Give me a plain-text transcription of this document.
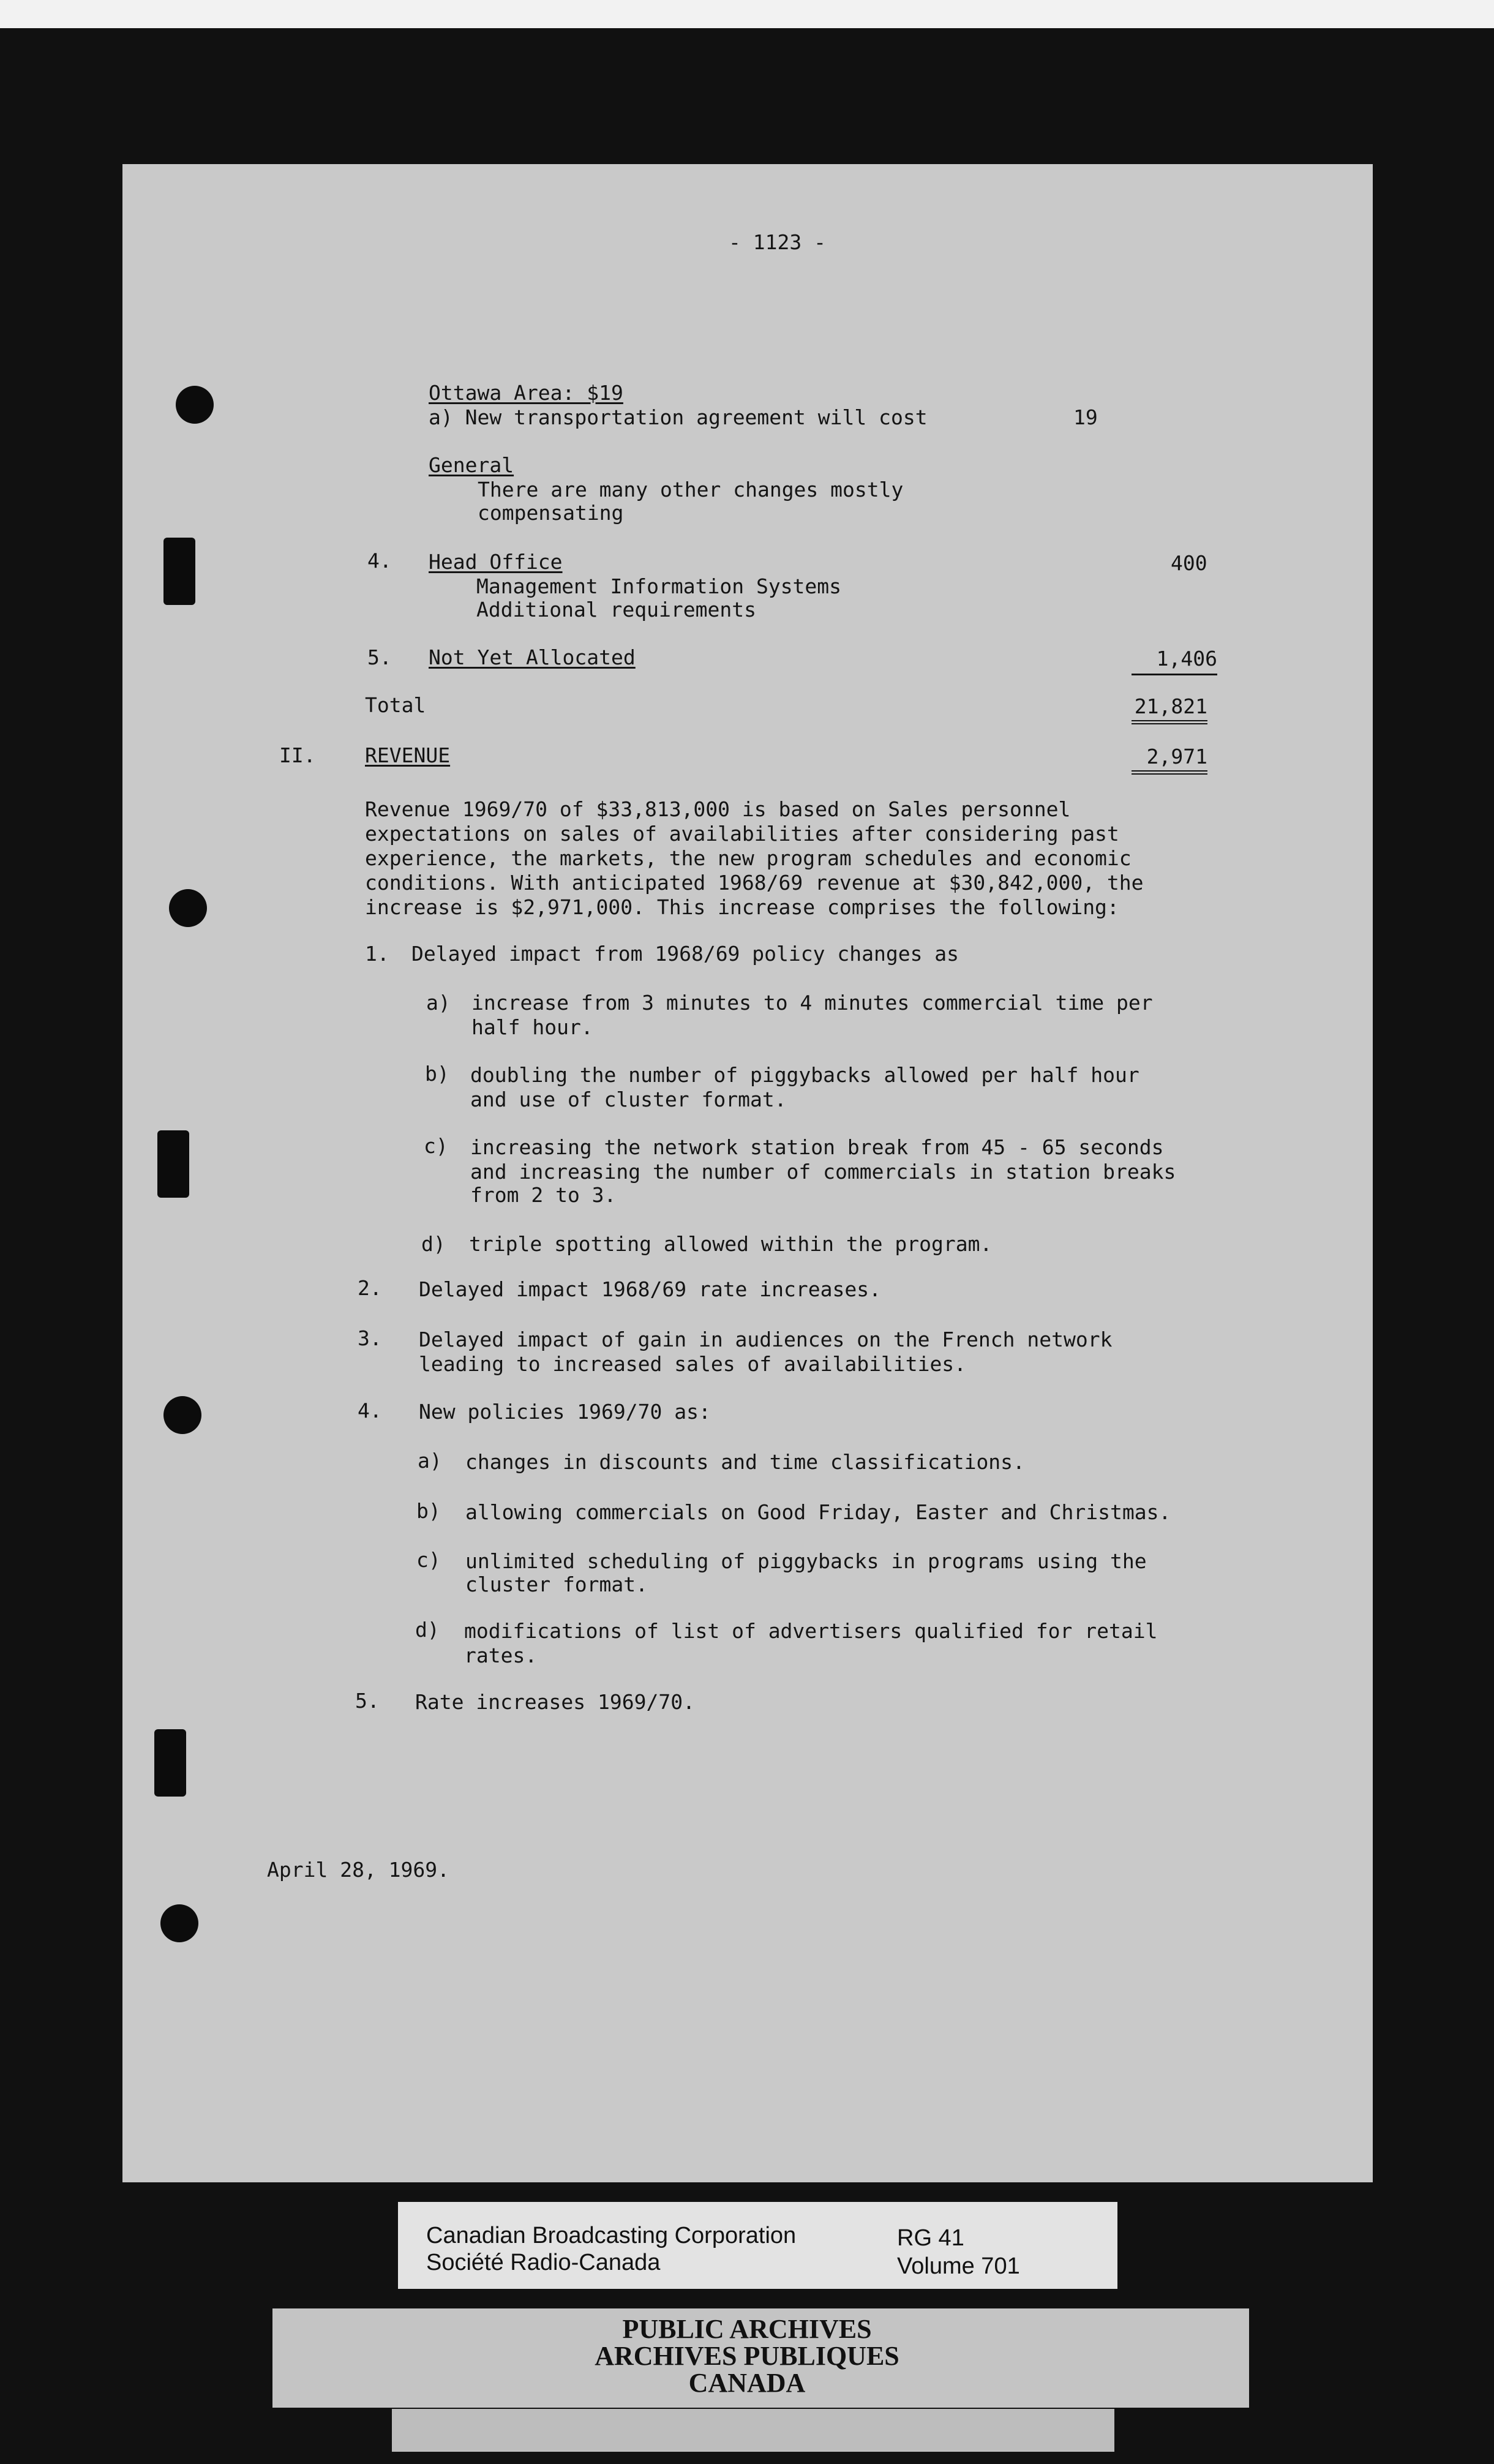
- 1123 -
Ottawa Area: $19
a) New transportation agreement will cost	19
General
There are many other changes mostly
compensating
4. Head Office	400
Management Information Systems
Additional requirements
5. Not Yet Allocated	1,406
Total	21,821
II. REVENUE	2,971
Revenue 1969/70 of $33,813,000 is based on Sales personnel
expectations on sales of availabilities after considering past
experience, the markets, the new program schedules and economic
conditions. With anticipated 1968/69 revenue at $30,842,000, the
increase is $2,971,000. This increase comprises the following:
1. Delayed impact from 1968/69 policy changes as
a) increase from 3 minutes to 4 minutes commercial time per
half hour.
b) doubling the number of piggybacks allowed per half hour
and use of cluster format.
c) increasing the network station break from 45 - 65 seconds
and increasing the number of commercials in station breaks
from 2 to 3.
d) triple spotting allowed within the program.
2. Delayed impact 1968/69 rate increases.
3. Delayed impact of gain in audiences on the French network
leading to increased sales of availabilities.
4. New policies 1969/70 as:
a) changes in discounts and time classifications.
b) allowing commercials on Good Friday, Easter and Christmas.
c) unlimited scheduling of piggybacks in programs using the
cluster format.
d) modifications of list of advertisers qualified for retail
rates.
5. Rate increases 1969/70.
April 28, 1969.
Canadian Broadcasting Corporation
Société Radio-Canada
RG 41
Volume 701
PUBLIC ARCHIVES
ARCHIVES PUBLIQUES
CANADA
